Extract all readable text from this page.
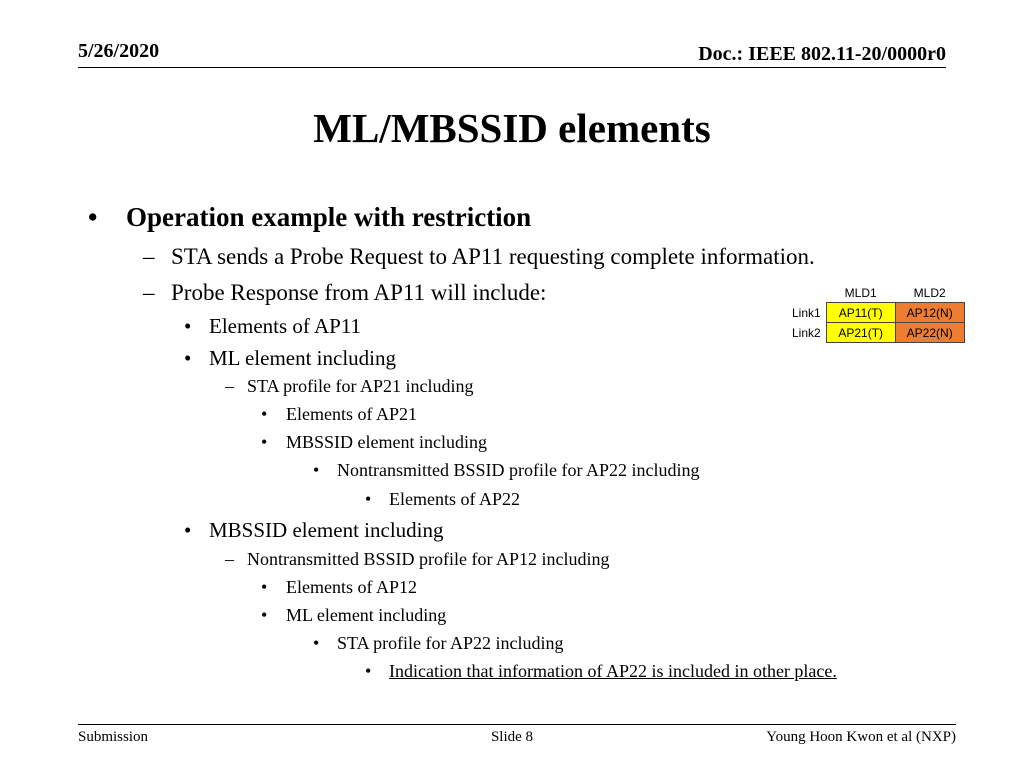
5/26/2020	Doc.: IEEE 802.11-20/0000r0
ML/MBSSID elements
• Operation example with restriction
– STA sends a Probe Request to AP11 requesting complete information.
– Probe Response from AP11 will include:
• Elements of AP11
• ML element including
– STA profile for AP21 including
• Elements of AP21
• MBSSID element including
• Nontransmitted BSSID profile for AP22 including
• Elements of AP22
• MBSSID element including
– Nontransmitted BSSID profile for AP12 including
• Elements of AP12
• ML element including
• STA profile for AP22 including
• Indication that information of AP22 is included in other place.
	MLD1	MLD2
Link1	AP11(T)	AP12(N)
Link2	AP21(T)	AP22(N)
Submission	Slide 8	Young Hoon Kwon et al (NXP)
